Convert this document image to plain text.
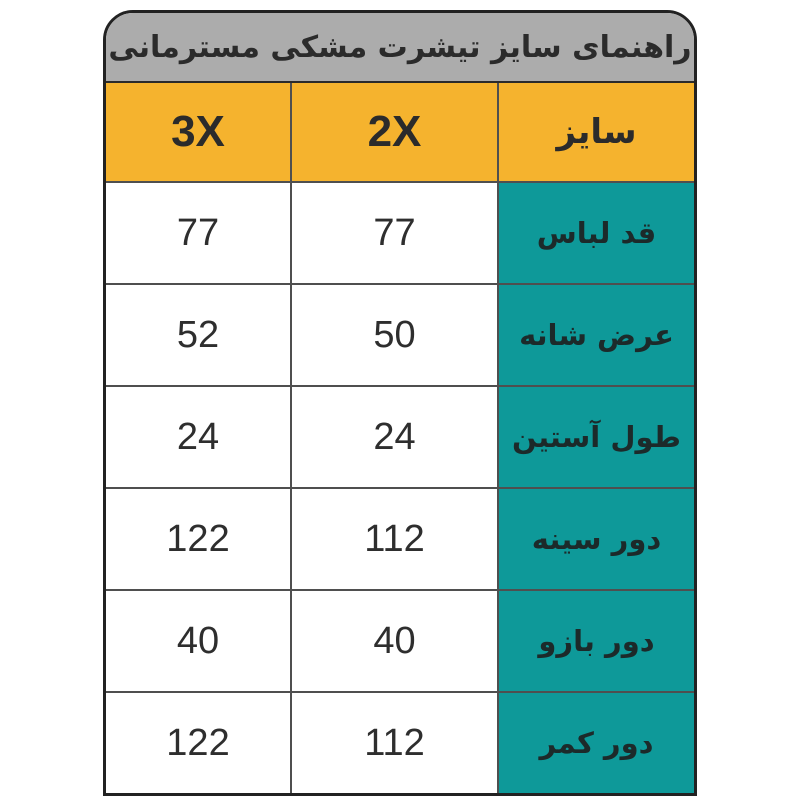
راهنمای سایز تیشرت مشکی مسترمانی
سایز
2X
3X
قد لباس
77
77
عرض شانه
50
52
طول آستین
24
24
دور سینه
112
122
دور بازو
40
40
دور کمر
112
122
